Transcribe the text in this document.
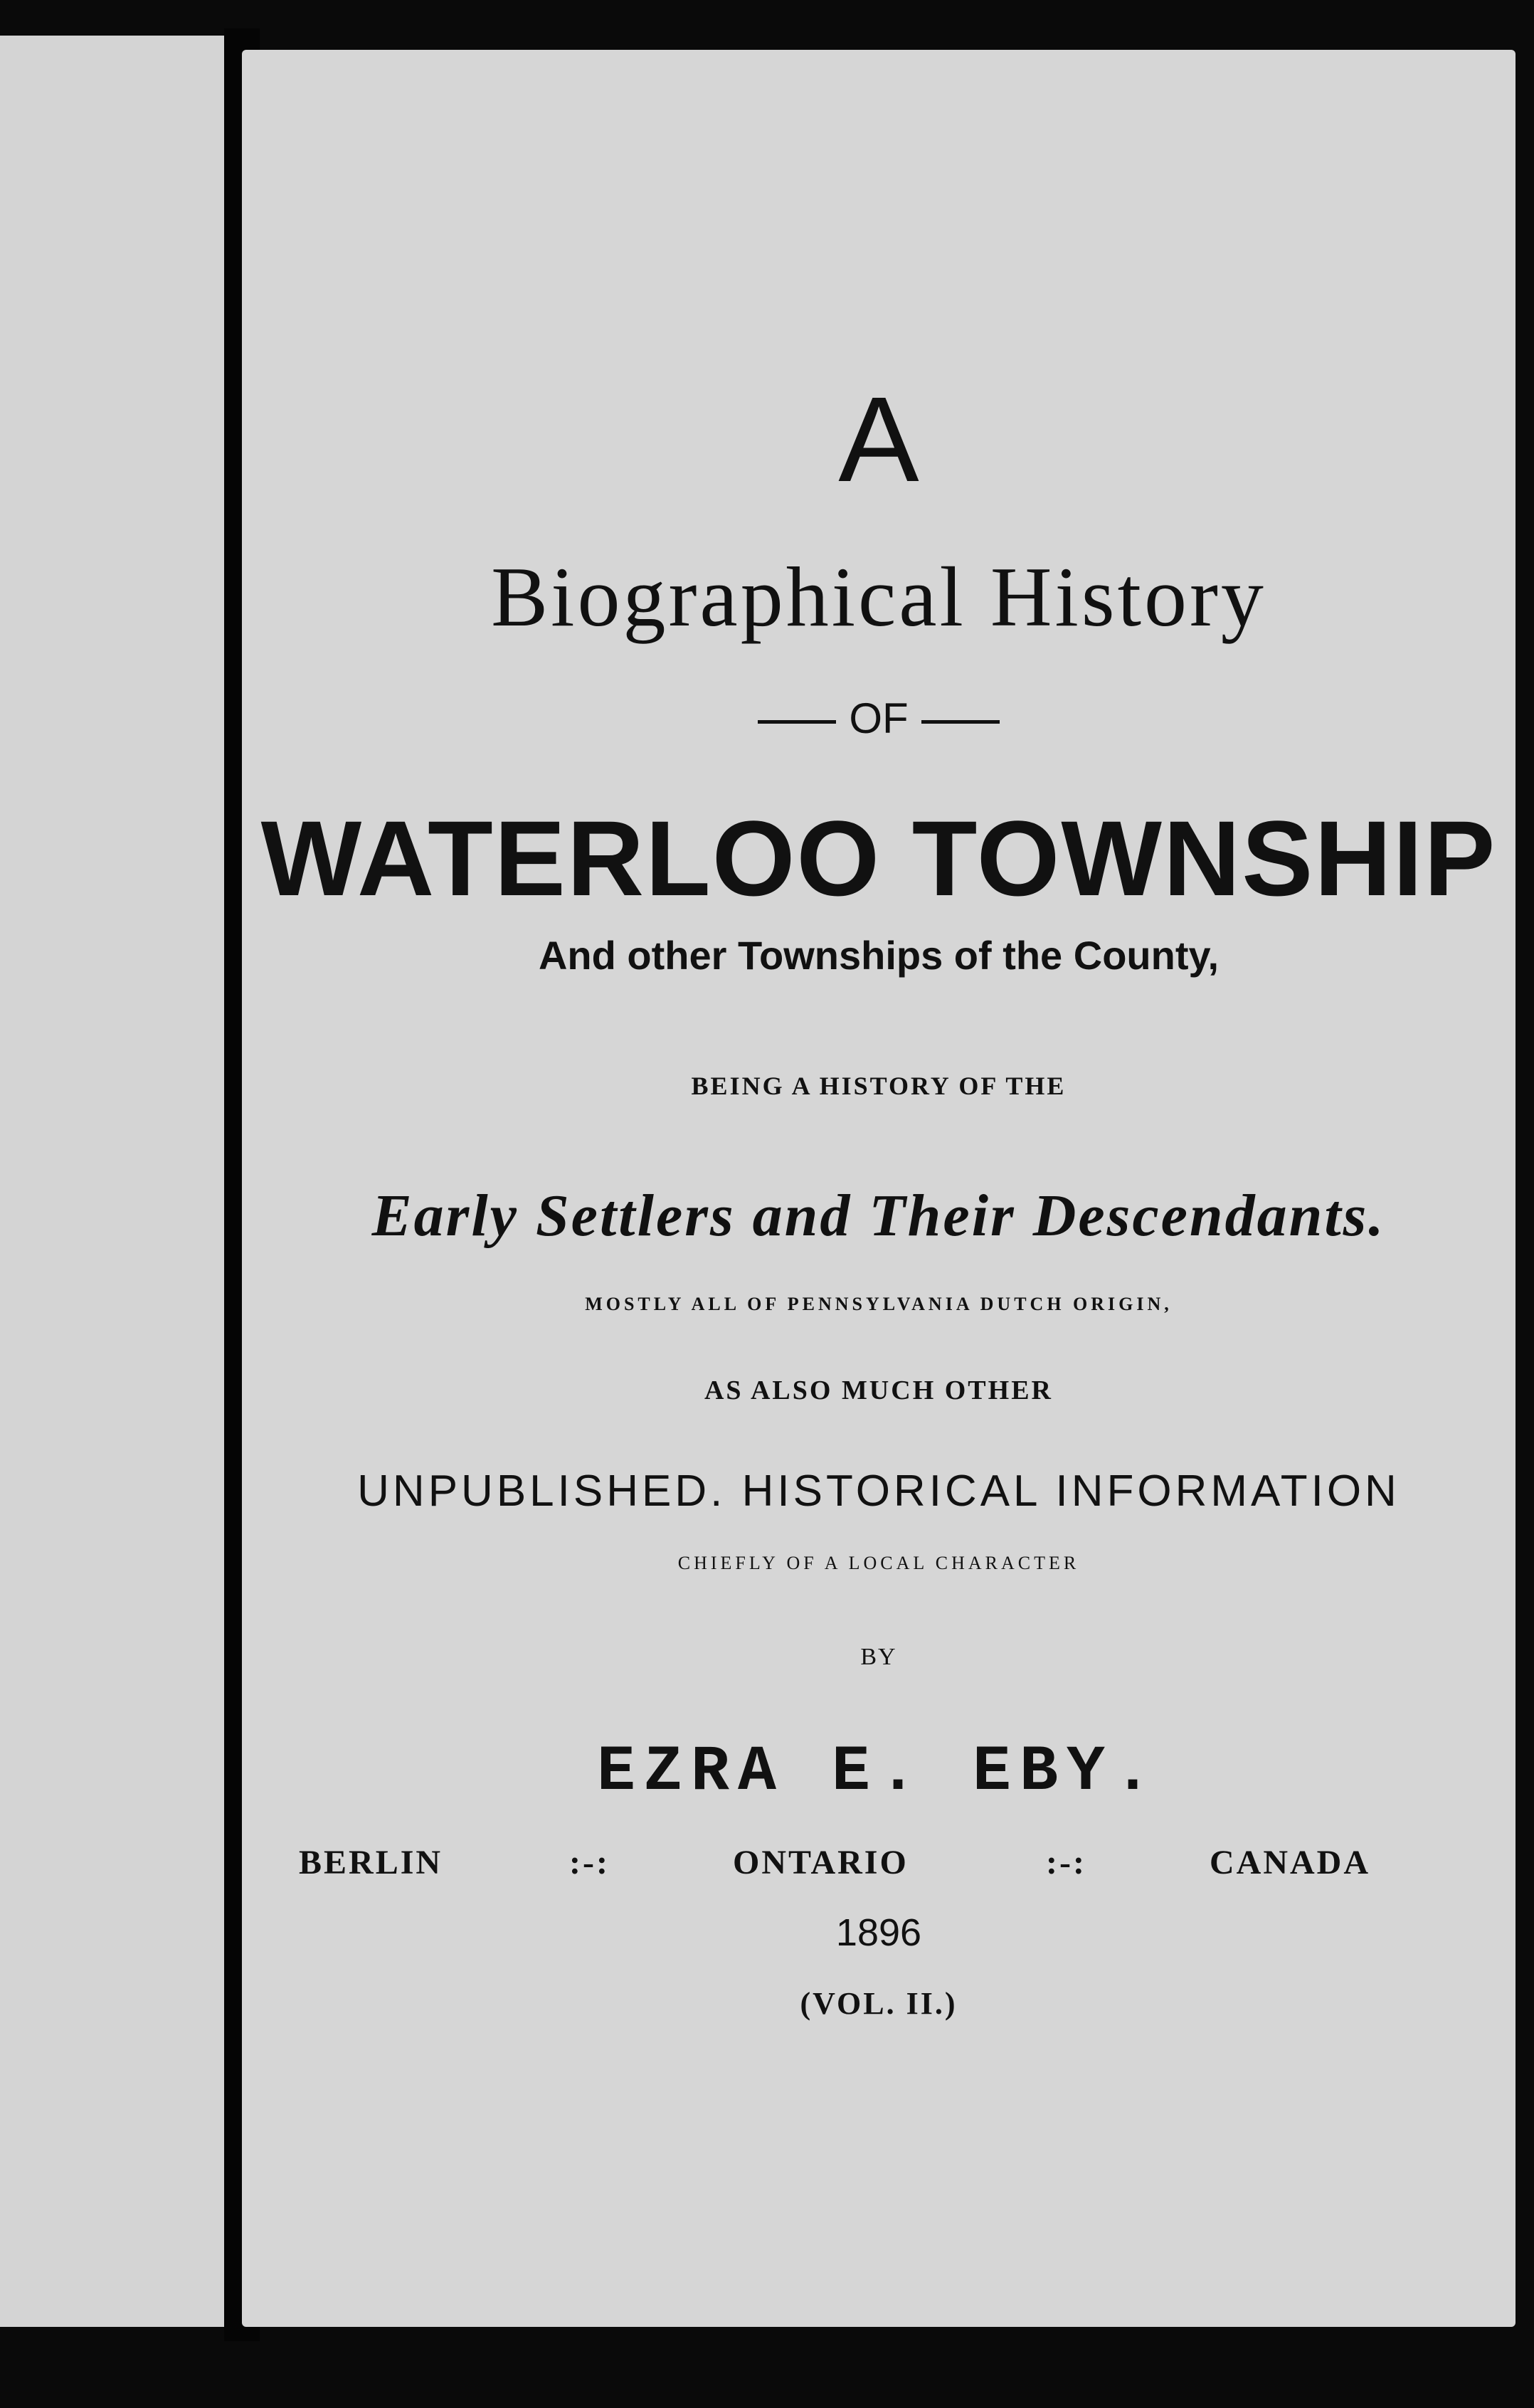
A
Biographical History
OF
WATERLOO TOWNSHIP
And other Townships of the County,
BEING A HISTORY OF THE
Early Settlers and Their Descendants.
MOSTLY ALL OF PENNSYLVANIA DUTCH ORIGIN,
AS ALSO MUCH OTHER
UNPUBLISHED. HISTORICAL INFORMATION
CHIEFLY OF A LOCAL CHARACTER
BY
EZRA E. EBY.
BERLIN	:-:	ONTARIO	:-:	CANADA
1896
(VOL. II.)
